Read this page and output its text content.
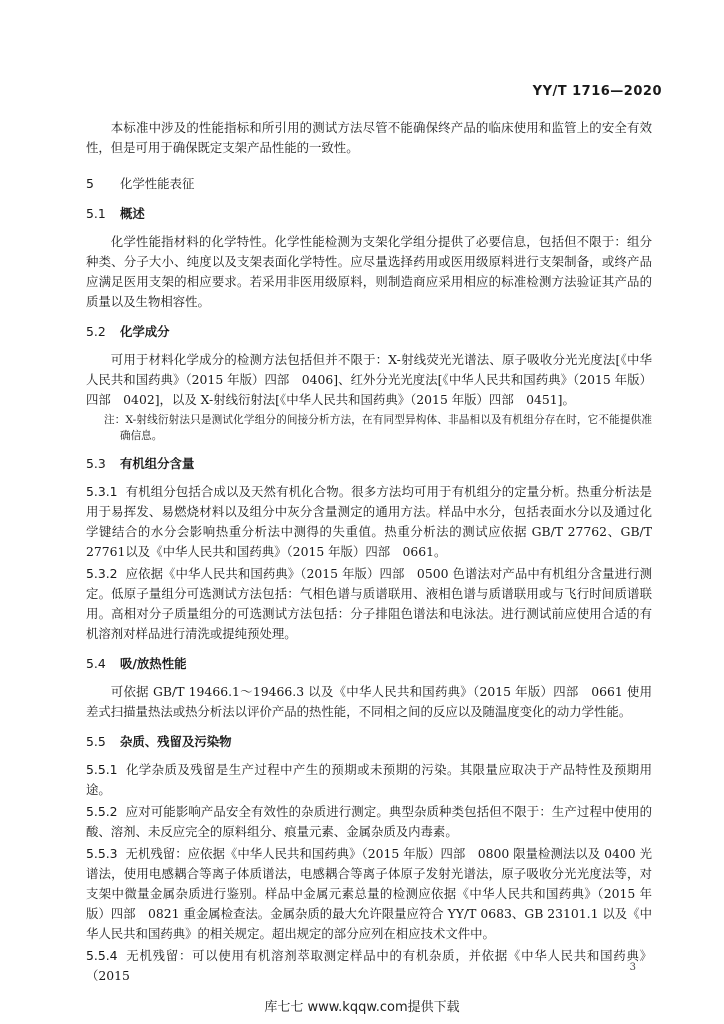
YY/T 1716—2020

本标准中涉及的性能指标和所引用的测试方法尽管不能确保终产品的临床使用和监管上的安全有效性，但是可用于确保既定支架产品性能的一致性。

5 化学性能表征
5.1 概述

化学性能指材料的化学特性。化学性能检测为支架化学组分提供了必要信息，包括但不限于：组分种类、分子大小、纯度以及支架表面化学特性。应尽量选择药用或医用级原料进行支架制备，或终产品应满足医用支架的相应要求。若采用非医用级原料，则制造商应采用相应的标准检测方法验证其产品的质量以及生物相容性。

5.2 化学成分

可用于材料化学成分的检测方法包括但并不限于：X-射线荧光光谱法、原子吸收分光光度法[《中华人民共和国药典》（2015 年版）四部　0406]、红外分光光度法[《中华人民共和国药典》（2015 年版）四部　0402]，以及 X-射线衍射法[《中华人民共和国药典》（2015 年版）四部　0451]。

注：X-射线衍射法只是测试化学组分的间接分析方法，在有同型异构体、非晶相以及有机组分存在时，它不能提供准确信息。

5.3 有机组分含量

5.3.1 有机组分包括合成以及天然有机化合物。很多方法均可用于有机组分的定量分析。热重分析法是用于易挥发、易燃烧材料以及组分中灰分含量测定的通用方法。样品中水分，包括表面水分以及通过化学键结合的水分会影响热重分析法中测得的失重值。热重分析法的测试应依据 GB/T 27762、GB/T 27761以及《中华人民共和国药典》（2015 年版）四部　0661。

5.3.2 应依据《中华人民共和国药典》（2015 年版）四部　0500 色谱法对产品中有机组分含量进行测定。低原子量组分可选测试方法包括：气相色谱与质谱联用、液相色谱与质谱联用或与飞行时间质谱联用。高相对分子质量组分的可选测试方法包括：分子排阻色谱法和电泳法。进行测试前应使用合适的有机溶剂对样品进行清洗或提纯预处理。

5.4 吸/放热性能

可依据 GB/T 19466.1～19466.3 以及《中华人民共和国药典》（2015 年版）四部　0661 使用差式扫描量热法或热分析法以评价产品的热性能，不同相之间的反应以及随温度变化的动力学性能。

5.5 杂质、残留及污染物

5.5.1 化学杂质及残留是生产过程中产生的预期或未预期的污染。其限量应取决于产品特性及预期用途。

5.5.2 应对可能影响产品安全有效性的杂质进行测定。典型杂质种类包括但不限于：生产过程中使用的酸、溶剂、未反应完全的原料组分、痕量元素、金属杂质及内毒素。

5.5.3 无机残留：应依据《中华人民共和国药典》（2015 年版）四部　0800 限量检测法以及 0400 光谱法，使用电感耦合等离子体质谱法，电感耦合等离子体原子发射光谱法，原子吸收分光光度法等，对支架中微量金属杂质进行鉴别。样品中金属元素总量的检测应依据《中华人民共和国药典》（2015 年版）四部　0821 重金属检查法。金属杂质的最大允许限量应符合 YY/T 0683、GB 23101.1 以及《中华人民共和国药典》的相关规定。超出规定的部分应列在相应技术文件中。

5.5.4 无机残留：可以使用有机溶剂萃取测定样品中的有机杂质，并依据《中华人民共和国药典》（2015

3
库七七 www.kqqw.com提供下载
